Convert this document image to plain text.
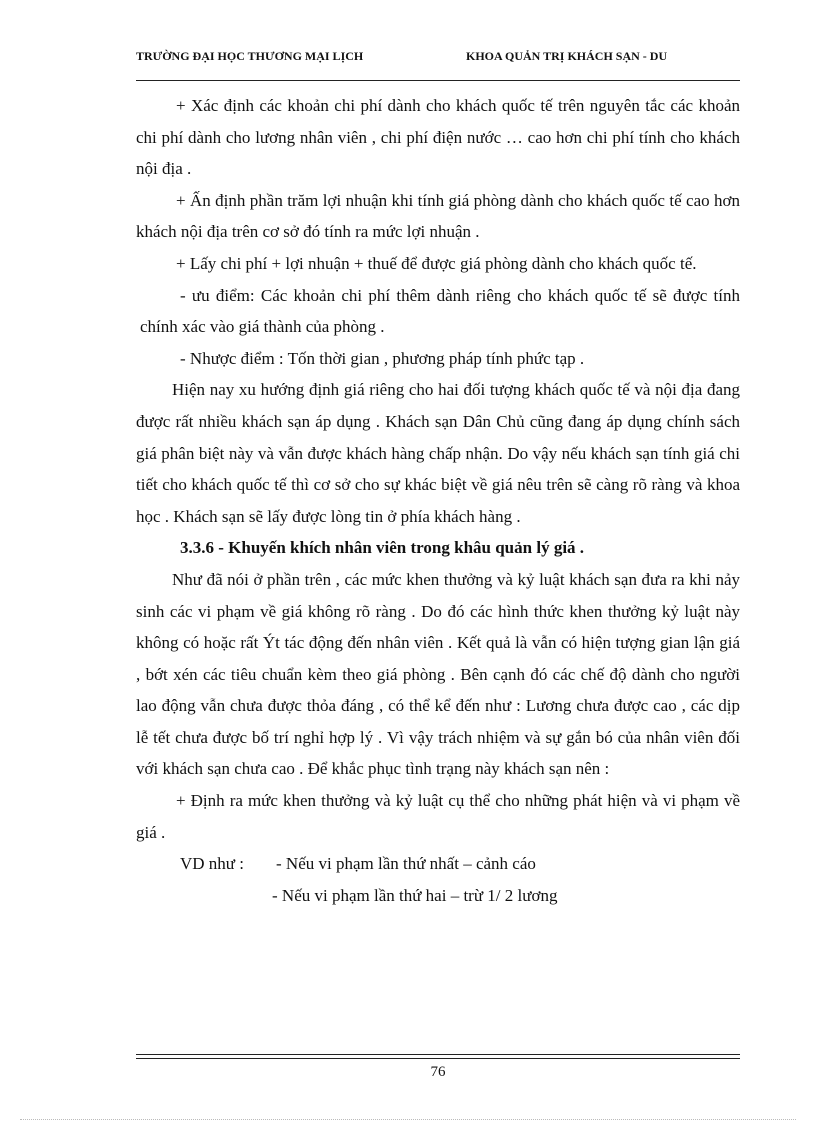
TRƯỜNG ĐẠI HỌC THƯƠNG MẠI LỊCH	KHOA QUẢN TRỊ KHÁCH SẠN - DU

+ Xác định các khoản chi phí dành cho khách quốc tế trên nguyên tắc các khoản chi phí dành cho lương nhân viên , chi phí điện nước … cao hơn chi phí tính cho khách nội địa .

+ Ấn định phần trăm lợi nhuận khi tính giá phòng dành cho khách quốc tế cao hơn khách nội địa trên cơ sở đó tính ra mức lợi nhuận .

+ Lấy chi phí + lợi nhuận + thuế để được giá phòng dành cho khách quốc tế.

- ưu điểm: Các khoản chi phí thêm dành riêng cho khách quốc tế sẽ được tính chính xác vào giá thành của phòng .

- Nhược điểm : Tốn thời gian , phương pháp tính phức tạp .

Hiện nay xu hướng định giá riêng cho hai đối tượng khách quốc tế và nội địa đang được rất nhiều khách sạn áp dụng . Khách sạn Dân Chủ cũng đang áp dụng chính sách giá phân biệt này và vẫn được khách hàng chấp nhận. Do vậy nếu khách sạn tính giá chi tiết cho khách quốc tế thì cơ sở cho sự khác biệt về giá nêu trên sẽ càng rõ ràng và khoa học . Khách sạn sẽ lấy được lòng tin ở phía khách hàng .

3.3.6 - Khuyến khích nhân viên trong khâu quản lý giá .

Như đã nói ở phần trên , các mức khen thưởng và kỷ luật khách sạn đưa ra khi nảy sinh các vi phạm về giá không rõ ràng . Do đó các hình thức khen thưởng kỷ luật này không có hoặc rất Ýt tác động đến nhân viên . Kết quả là vẫn có hiện tượng gian lận giá , bớt xén các tiêu chuẩn kèm theo giá phòng . Bên cạnh đó các chế độ dành cho người lao động vẫn chưa được thỏa đáng , có thể kể đến như : Lương chưa được cao , các dịp lễ tết chưa được bố trí nghỉ hợp lý . Vì vậy trách nhiệm và sự gắn bó của nhân viên đối với khách sạn chưa cao . Để khắc phục tình trạng này khách sạn nên :

+ Định ra mức khen thưởng và kỷ luật cụ thể cho những phát hiện và vi phạm về giá .

VD như : - Nếu vi phạm lần thứ nhất – cảnh cáo
- Nếu vi phạm lần thứ hai – trừ 1/ 2 lương
76
